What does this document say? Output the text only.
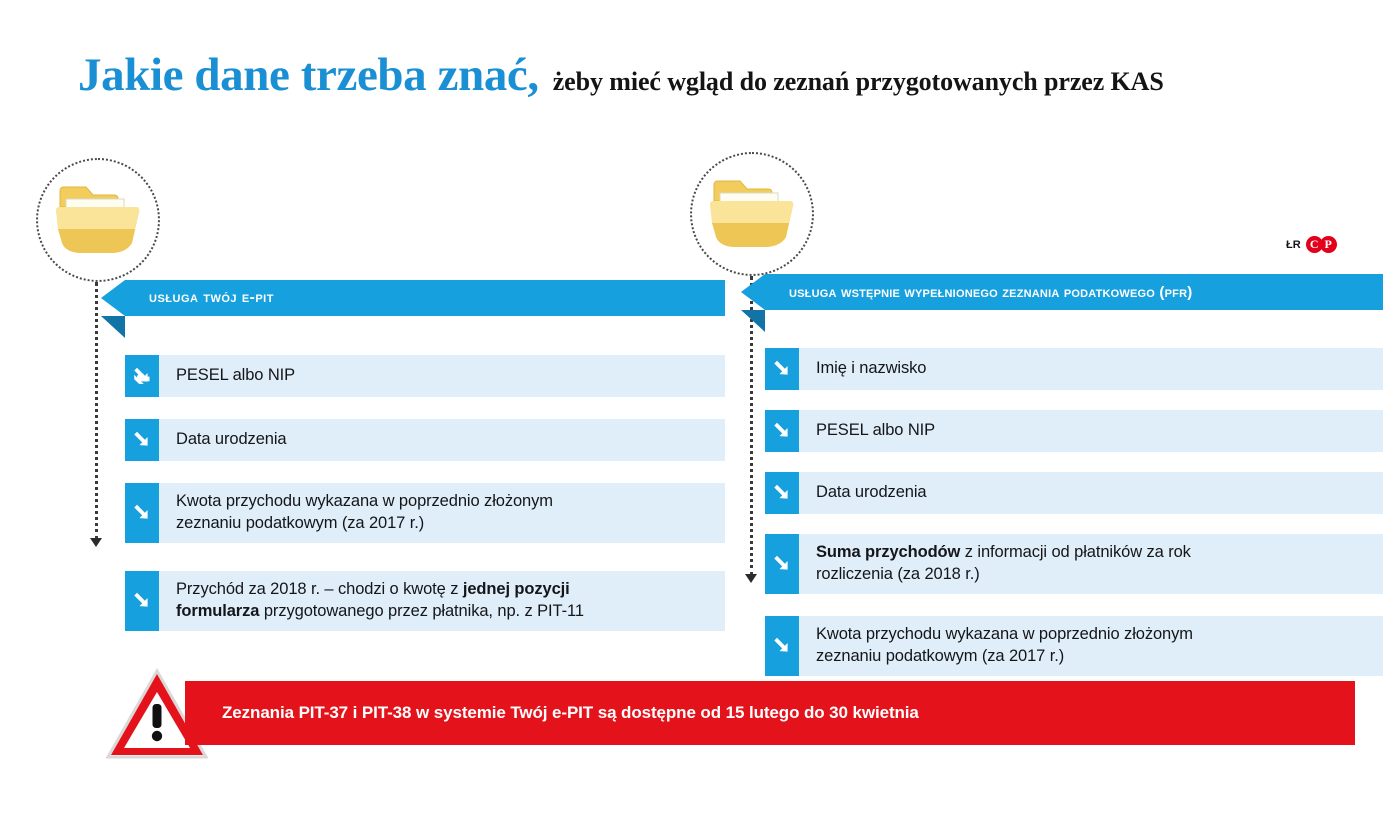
Jakie dane trzeba znać, żeby mieć wgląd do zeznań przygotowanych przez KAS
ŁR C P
usługa twój e-pit
PESEL albo NIP
Data urodzenia
Kwota przychodu wykazana w poprzednio złożonym
zeznaniu podatkowym (za 2017 r.)
Przychód za 2018 r. – chodzi o kwotę z jednej pozycji
formularza przygotowanego przez płatnika, np. z PIT-11
usługa wstępnie wypełnionego zeznania podatkowego (pfr)
Imię i nazwisko
PESEL albo NIP
Data urodzenia
Suma przychodów z informacji od płatników za rok
rozliczenia (za 2018 r.)
Kwota przychodu wykazana w poprzednio złożonym
zeznaniu podatkowym (za 2017 r.)
Zeznania PIT-37 i PIT-38 w systemie Twój e-PIT są dostępne od 15 lutego do 30 kwietnia
